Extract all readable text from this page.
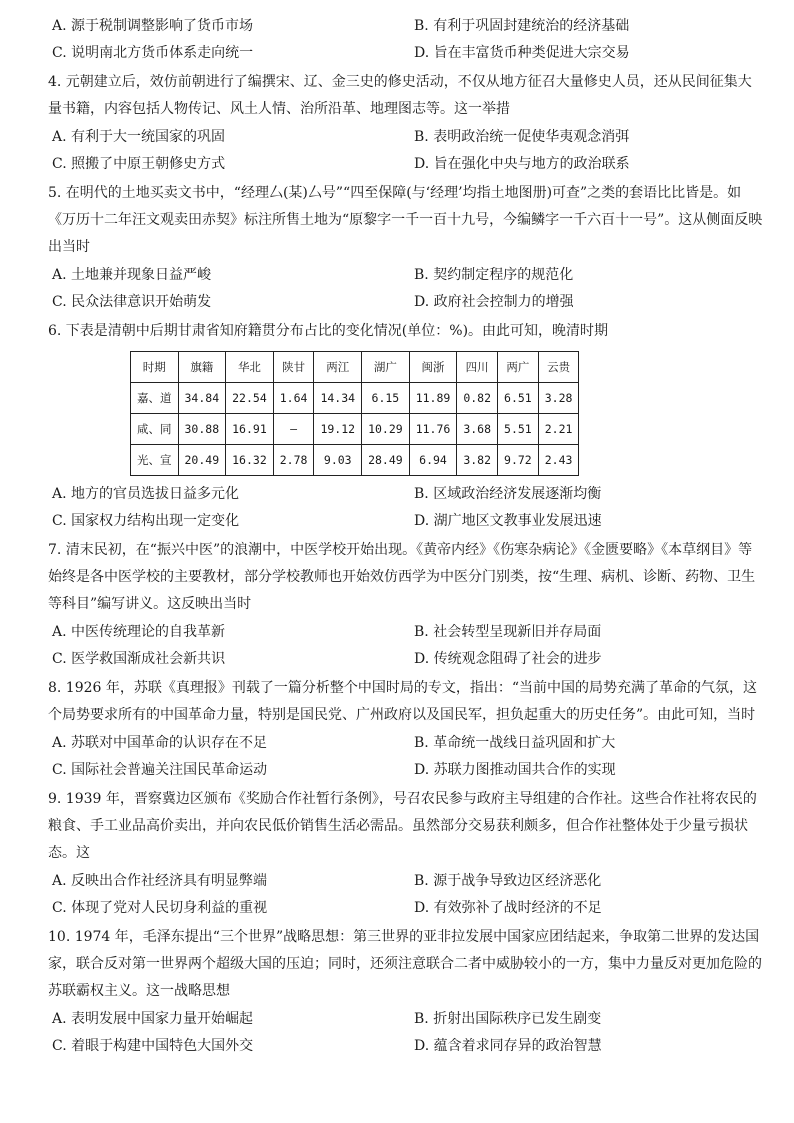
A. 源于税制调整影响了货币市场	B. 有利于巩固封建统治的经济基础
C. 说明南北方货币体系走向统一	D. 旨在丰富货币种类促进大宗交易
4. 元朝建立后，效仿前朝进行了编撰宋、辽、金三史的修史活动，不仅从地方征召大量修史人员，还从民间征集大量书籍，内容包括人物传记、风土人情、治所沿革、地理图志等。这一举措
A. 有利于大一统国家的巩固	B. 表明政治统一促使华夷观念消弭
C. 照搬了中原王朝修史方式	D. 旨在强化中央与地方的政治联系
5. 在明代的土地买卖文书中，“经理厶(某)厶号”“四至保障(与‘经理’均指土地图册)可查”之类的套语比比皆是。如《万历十二年汪文观卖田赤契》标注所售土地为“原黎字一千一百十九号，今编鳞字一千六百十一号”。这从侧面反映出当时
A. 土地兼并现象日益严峻	B. 契约制定程序的规范化
C. 民众法律意识开始萌发	D. 政府社会控制力的增强
6. 下表是清朝中后期甘肃省知府籍贯分布占比的变化情况(单位：%)。由此可知，晚清时期
时期	旗籍	华北	陕甘	两江	湖广	闽浙	四川	两广	云贵
嘉、道	34.84	22.54	1.64	14.34	6.15	11.89	0.82	6.51	3.28
咸、同	30.88	16.91	—	19.12	10.29	11.76	3.68	5.51	2.21
光、宣	20.49	16.32	2.78	9.03	28.49	6.94	3.82	9.72	2.43
A. 地方的官员选拔日益多元化	B. 区域政治经济发展逐渐均衡
C. 国家权力结构出现一定变化	D. 湖广地区文教事业发展迅速
7. 清末民初，在“振兴中医”的浪潮中，中医学校开始出现。《黄帝内经》《伤寒杂病论》《金匮要略》《本草纲目》等始终是各中医学校的主要教材，部分学校教师也开始效仿西学为中医分门别类，按“生理、病机、诊断、药物、卫生等科目”编写讲义。这反映出当时
A. 中医传统理论的自我革新	B. 社会转型呈现新旧并存局面
C. 医学救国渐成社会新共识	D. 传统观念阻碍了社会的进步
8. 1926 年，苏联《真理报》刊载了一篇分析整个中国时局的专文，指出：“当前中国的局势充满了革命的气氛，这个局势要求所有的中国革命力量，特别是国民党、广州政府以及国民军，担负起重大的历史任务”。由此可知，当时
A. 苏联对中国革命的认识存在不足	B. 革命统一战线日益巩固和扩大
C. 国际社会普遍关注国民革命运动	D. 苏联力图推动国共合作的实现
9. 1939 年，晋察冀边区颁布《奖励合作社暂行条例》，号召农民参与政府主导组建的合作社。这些合作社将农民的粮食、手工业品高价卖出，并向农民低价销售生活必需品。虽然部分交易获利颇多，但合作社整体处于少量亏损状态。这
A. 反映出合作社经济具有明显弊端	B. 源于战争导致边区经济恶化
C. 体现了党对人民切身利益的重视	D. 有效弥补了战时经济的不足
10. 1974 年，毛泽东提出“三个世界”战略思想：第三世界的亚非拉发展中国家应团结起来，争取第二世界的发达国家，联合反对第一世界两个超级大国的压迫；同时，还须注意联合二者中威胁较小的一方，集中力量反对更加危险的苏联霸权主义。这一战略思想
A. 表明发展中国家力量开始崛起	B. 折射出国际秩序已发生剧变
C. 着眼于构建中国特色大国外交	D. 蕴含着求同存异的政治智慧
